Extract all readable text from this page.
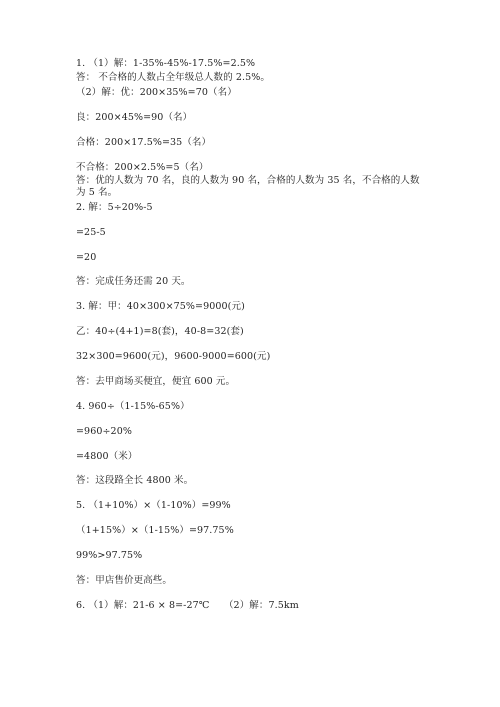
1. （1）解：1-35%-45%-17.5%=2.5%
答： 不合格的人数占全年级总人数的 2.5%。
（2）解：优：200×35%=70（名）
良：200×45%=90（名）
合格：200×17.5%=35（名）
不合格：200×2.5%=5（名）
答：优的人数为 70 名，良的人数为 90 名，合格的人数为 35 名，不合格的人数为 5 名。
2. 解：5÷20%-5
=25-5
=20
答：完成任务还需 20 天。
3. 解：甲：40×300×75%=9000(元)
乙：40÷(4+1)=8(套)，40-8=32(套)
32×300=9600(元)，9600-9000=600(元)
答：去甲商场买便宜，便宜 600 元。
4. 960÷（1-15%-65%）
=960÷20%
=4800（米）
答：这段路全长 4800 米。
5. （1+10%）×（1-10%）=99%
（1+15%）×（1-15%）=97.75%
99%>97.75%
答：甲店售价更高些。
6. （1）解：21-6 × 8=-27℃　　（2）解：7.5km
